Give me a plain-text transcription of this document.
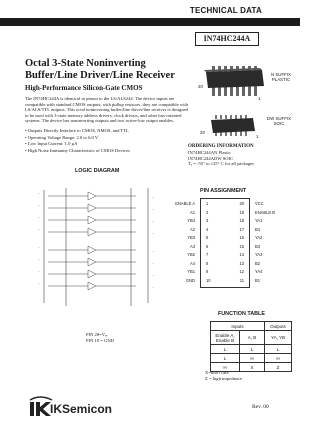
TECHNICAL DATA
IN74HC244A
Octal 3-State Noninverting
Buffer/Line Driver/Line Receiver
High-Performance Silicon-Gate CMOS
The IN74HC244A is identical in pinout to the LS/ALS244. The device inputs are compatible with standard CMOS outputs; with pullup resistors, they are compatible with LS/ALS/TTL outputs. This octal noninverting buffer/line driver/line receiver is designed to be used with 3-state memory address drivers, clock drivers, and other bus-oriented systems. The device has noninverting outputs and two active-low output enables.
• Outputs Directly Interface to CMOS, NMOS, and TTL
• Operating Voltage Range: 2.0 to 6.0 V
• Low Input Current: 1.0 µA
• High Noise Immunity Characteristic of CMOS Devices
N SUFFIX
PLASTIC
20
1
DW SUFFIX
SOIC
20
1
ORDERING INFORMATION
IN74HC244AN Plastic
IN74HC244ADW SOIC
Tₐ = -55° to 125° C for all packages
LOGIC DIAGRAM
--
--
--
--
--
--
--
--
--
--
--
--
--
--
--
--
PIN 20=Vₑₑ
PIN 10 = GND
PIN ASSIGNMENT
ENABLE A	1	20	VCC
A1	2	19	ENABLE B
YB4	3	18	YA1
A2	4	17	B4
YB3	5	16	YA2
A3	6	15	B3
YB2	7	14	YA3
A4	8	13	B2
YB1	9	12	YA4
GND	10	11	B1
FUNCTION TABLE
Inputs		Outputs
Enable A, Enable B	A, B	YA, YB
L	L	L
L	H	H
H	X	Z
X=don't care
Z = high impedance
IKSemicon	Rev. 00
